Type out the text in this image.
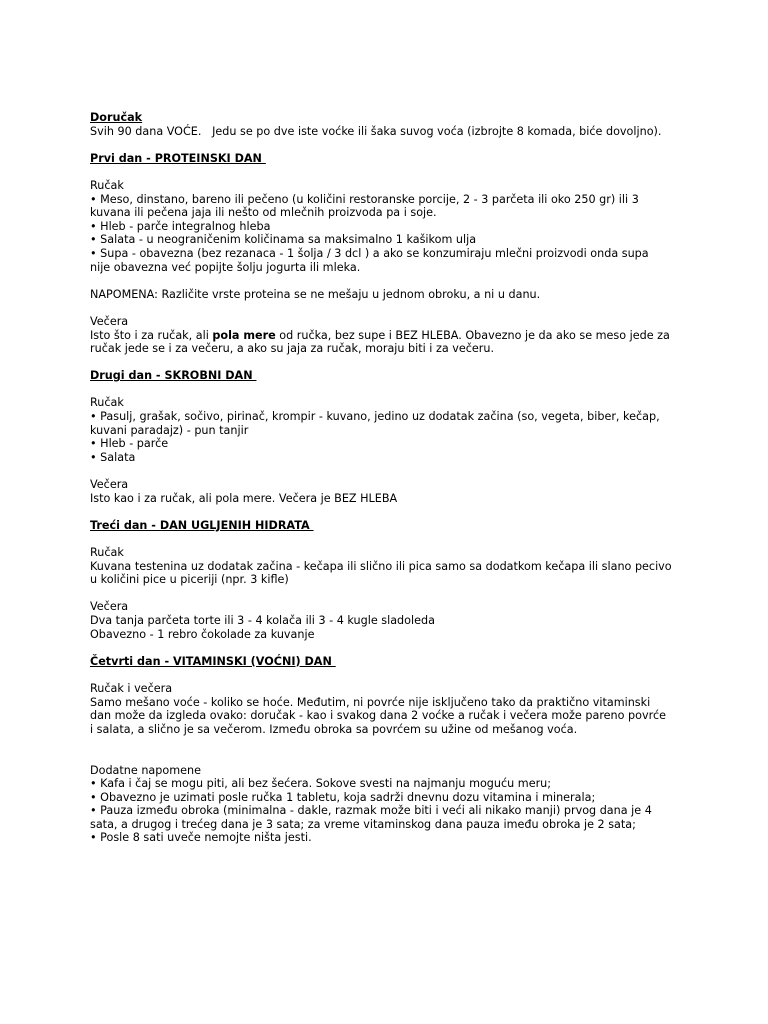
Doručak
Svih 90 dana VOĆE.   Jedu se po dve iste voćke ili šaka suvog voća (izbrojte 8 komada, biće dovoljno).
Prvi dan - PROTEINSKI DAN
Ručak
• Meso, dinstano, bareno ili pečeno (u količini restoranske porcije, 2 - 3 parčeta ili oko 250 gr) ili 3
kuvana ili pečena jaja ili nešto od mlečnih proizvoda pa i soje.
• Hleb - parče integralnog hleba
• Salata - u neograničenim količinama sa maksimalno 1 kašikom ulja
• Supa - obavezna (bez rezanaca - 1 šolja / 3 dcl ) a ako se konzumiraju mlečni proizvodi onda supa
nije obavezna već popijte šolju jogurta ili mleka.
NAPOMENA: Različite vrste proteina se ne mešaju u jednom obroku, a ni u danu.
Večera
Isto što i za ručak, ali pola mere od ručka, bez supe i BEZ HLEBA. Obavezno je da ako se meso jede za
ručak jede se i za večeru, a ako su jaja za ručak, moraju biti i za večeru.
Drugi dan - SKROBNI DAN
Ručak
• Pasulj, grašak, sočivo, pirinač, krompir - kuvano, jedino uz dodatak začina (so, vegeta, biber, kečap,
kuvani paradajz) - pun tanjir
• Hleb - parče
• Salata
Večera
Isto kao i za ručak, ali pola mere. Večera je BEZ HLEBA
Treći dan - DAN UGLJENIH HIDRATA
Ručak
Kuvana testenina uz dodatak začina - kečapa ili slično ili pica samo sa dodatkom kečapa ili slano pecivo
u količini pice u piceriji (npr. 3 kifle)
Večera
Dva tanja parčeta torte ili 3 - 4 kolača ili 3 - 4 kugle sladoleda
Obavezno - 1 rebro čokolade za kuvanje
Četvrti dan - VITAMINSKI (VOĆNI) DAN
Ručak i večera
Samo mešano voće - koliko se hoće. Međutim, ni povrće nije isključeno tako da praktično vitaminski
dan može da izgleda ovako: doručak - kao i svakog dana 2 voćke a ručak i večera može pareno povrće
i salata, a slično je sa večerom. Između obroka sa povrćem su užine od mešanog voća.
Dodatne napomene
• Kafa i čaj se mogu piti, ali bez šećera. Sokove svesti na najmanju moguću meru;
• Obavezno je uzimati posle ručka 1 tabletu, koja sadrži dnevnu dozu vitamina i minerala;
• Pauza između obroka (minimalna - dakle, razmak može biti i veći ali nikako manji) prvog dana je 4
sata, a drugog i trećeg dana je 3 sata; za vreme vitaminskog dana pauza imeđu obroka je 2 sata;
• Posle 8 sati uveče nemojte ništa jesti.
